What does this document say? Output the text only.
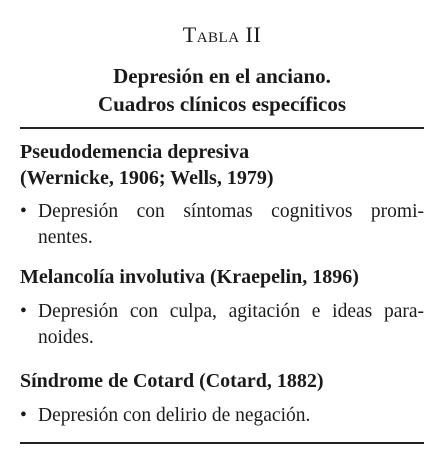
Tabla II
Depresión en el anciano.
Cuadros clínicos específicos
Pseudodemencia depresiva
(Wernicke, 1906; Wells, 1979)
• Depresión con síntomas cognitivos promi-
nentes.
Melancolía involutiva (Kraepelin, 1896)
• Depresión con culpa, agitación e ideas para-
noides.
Síndrome de Cotard (Cotard, 1882)
• Depresión con delirio de negación.
